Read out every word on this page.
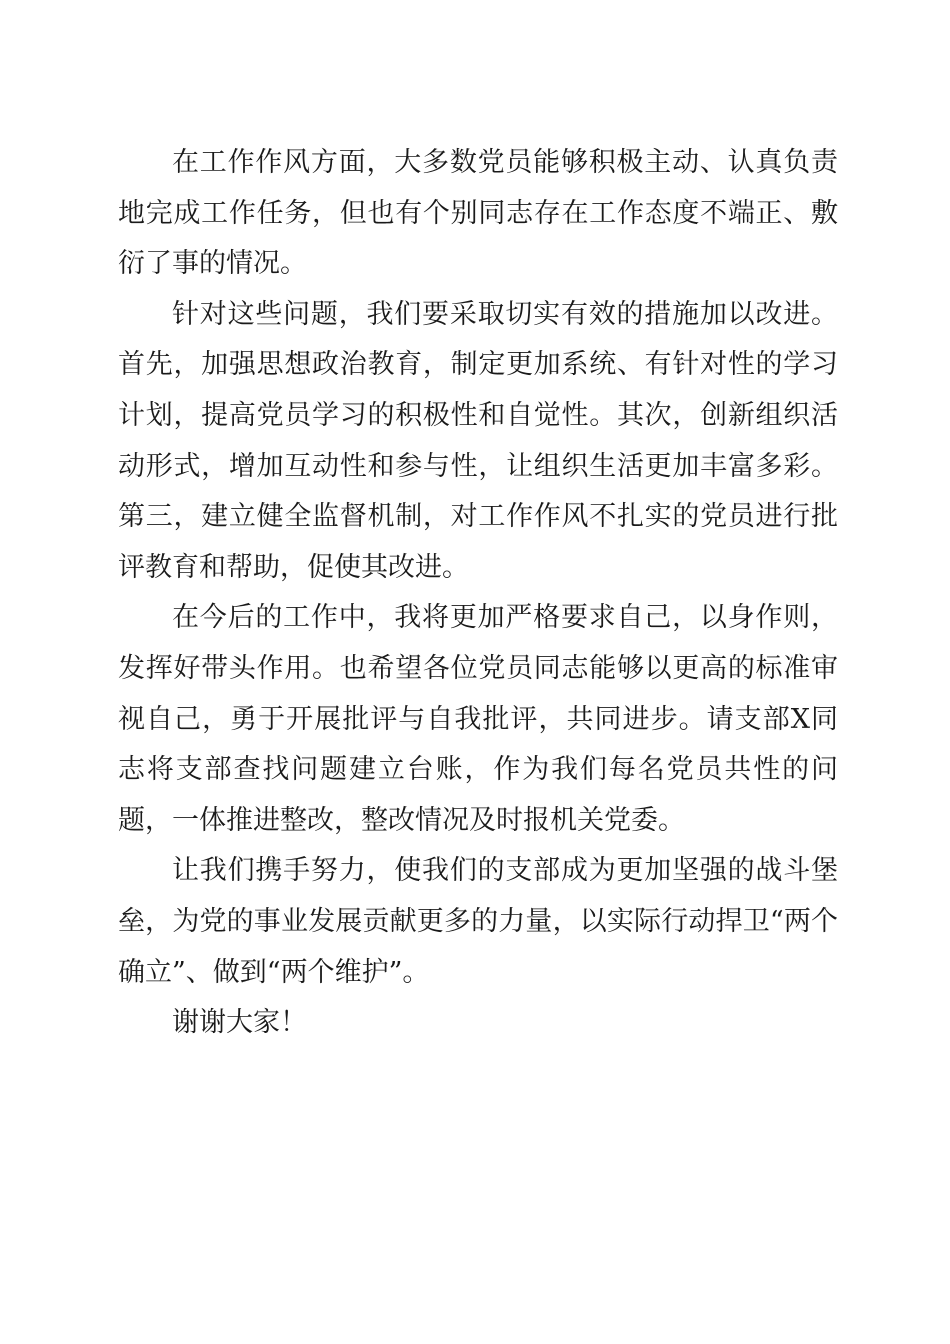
在工作作风方面，大多数党员能够积极主动、认真负责地完成工作任务，但也有个别同志存在工作态度不端正、敷衍了事的情况。

针对这些问题，我们要采取切实有效的措施加以改进。首先，加强思想政治教育，制定更加系统、有针对性的学习计划，提高党员学习的积极性和自觉性。其次，创新组织活动形式，增加互动性和参与性，让组织生活更加丰富多彩。第三，建立健全监督机制，对工作作风不扎实的党员进行批评教育和帮助，促使其改进。

在今后的工作中，我将更加严格要求自己，以身作则，发挥好带头作用。也希望各位党员同志能够以更高的标准审视自己，勇于开展批评与自我批评，共同进步。请支部X同志将支部查找问题建立台账，作为我们每名党员共性的问题，一体推进整改，整改情况及时报机关党委。

让我们携手努力，使我们的支部成为更加坚强的战斗堡垒，为党的事业发展贡献更多的力量，以实际行动捍卫“两个确立”、做到“两个维护”。

谢谢大家！
